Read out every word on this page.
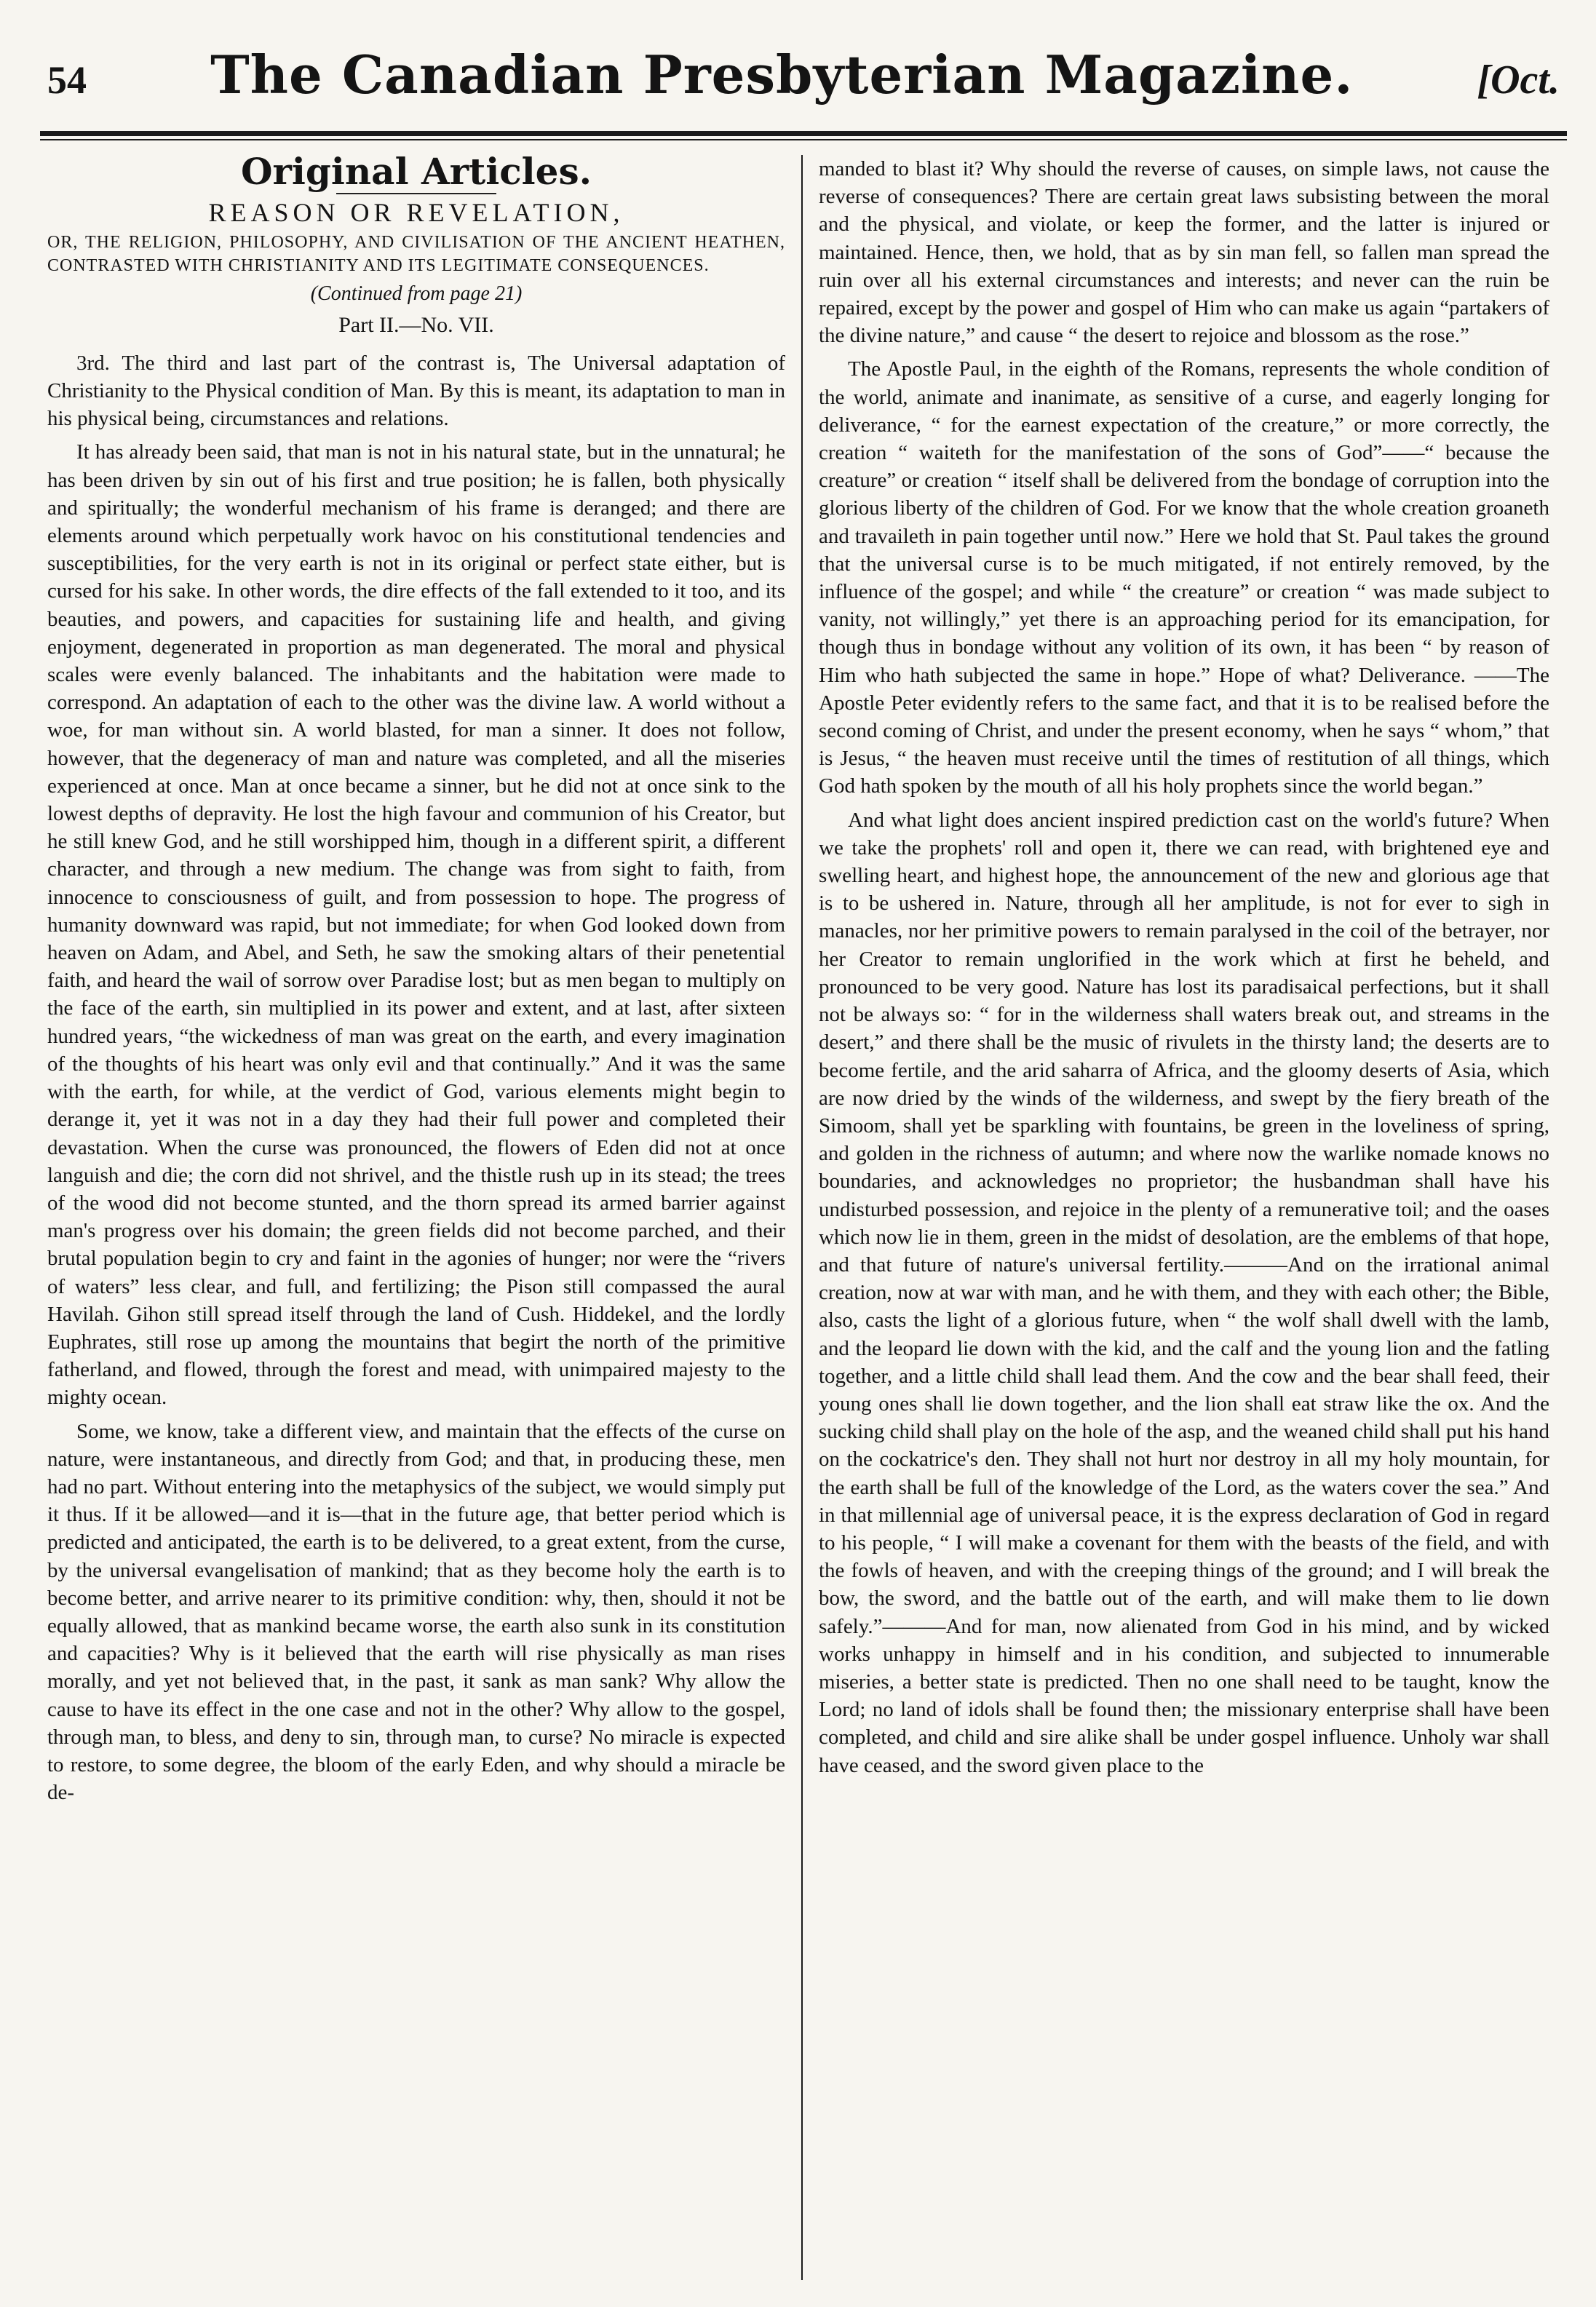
54 The Canadian Presbyterian Magazine.	[Oct.
Original Articles.
REASON OR REVELATION,
OR, THE RELIGION, PHILOSOPHY, AND CIVILISATION OF THE ANCIENT HEATHEN, CONTRASTED WITH CHRISTIANITY AND ITS LEGITIMATE CONSEQUENCES.
(Continued from page 21)
Part II.—No. VII.

3rd. The third and last part of the contrast is, The Universal adaptation of Christianity to the Physical condition of Man. By this is meant, its adaptation to man in his physical being, circumstances and relations.

It has already been said, that man is not in his natural state, but in the unnatural; he has been driven by sin out of his first and true position; he is fallen, both physically and spiritually; the wonderful mechanism of his frame is deranged; and there are elements around which perpetually work havoc on his constitutional tendencies and susceptibilities, for the very earth is not in its original or perfect state either, but is cursed for his sake. In other words, the dire effects of the fall extended to it too, and its beauties, and powers, and capacities for sustaining life and health, and giving enjoyment, degenerated in proportion as man degenerated. The moral and physical scales were evenly balanced. The inhabitants and the habitation were made to correspond. An adaptation of each to the other was the divine law. A world without a woe, for man without sin. A world blasted, for man a sinner. It does not follow, however, that the degeneracy of man and nature was completed, and all the miseries experienced at once. Man at once became a sinner, but he did not at once sink to the lowest depths of depravity. He lost the high favour and communion of his Creator, but he still knew God, and he still worshipped him, though in a different spirit, a different character, and through a new medium. The change was from sight to faith, from innocence to consciousness of guilt, and from possession to hope. The progress of humanity downward was rapid, but not immediate; for when God looked down from heaven on Adam, and Abel, and Seth, he saw the smoking altars of their penetential faith, and heard the wail of sorrow over Paradise lost; but as men began to multiply on the face of the earth, sin multiplied in its power and extent, and at last, after sixteen hundred years, “the wickedness of man was great on the earth, and every imagination of the thoughts of his heart was only evil and that continually.” And it was the same with the earth, for while, at the verdict of God, various elements might begin to derange it, yet it was not in a day they had their full power and completed their devastation. When the curse was pronounced, the flowers of Eden did not at once languish and die; the corn did not shrivel, and the thistle rush up in its stead; the trees of the wood did not become stunted, and the thorn spread its armed barrier against man's progress over his domain; the green fields did not become parched, and their brutal population begin to cry and faint in the agonies of hunger; nor were the “rivers of waters” less clear, and full, and fertilizing; the Pison still compassed the aural Havilah. Gihon still spread itself through the land of Cush. Hiddekel, and the lordly Euphrates, still rose up among the mountains that begirt the north of the primitive fatherland, and flowed, through the forest and mead, with unimpaired majesty to the mighty ocean.

Some, we know, take a different view, and maintain that the effects of the curse on nature, were instantaneous, and directly from God; and that, in producing these, men had no part. Without entering into the metaphysics of the subject, we would simply put it thus. If it be allowed—and it is—that in the future age, that better period which is predicted and anticipated, the earth is to be delivered, to a great extent, from the curse, by the universal evangelisation of mankind; that as they become holy the earth is to become better, and arrive nearer to its primitive condition: why, then, should it not be equally allowed, that as mankind became worse, the earth also sunk in its constitution and capacities? Why is it believed that the earth will rise physically as man rises morally, and yet not believed that, in the past, it sank as man sank? Why allow the cause to have its effect in the one case and not in the other? Why allow to the gospel, through man, to bless, and deny to sin, through man, to curse? No miracle is expected to restore, to some degree, the bloom of the early Eden, and why should a miracle be de-

manded to blast it? Why should the reverse of causes, on simple laws, not cause the reverse of consequences? There are certain great laws subsisting between the moral and the physical, and violate, or keep the former, and the latter is injured or maintained. Hence, then, we hold, that as by sin man fell, so fallen man spread the ruin over all his external circumstances and interests; and never can the ruin be repaired, except by the power and gospel of Him who can make us again “partakers of the divine nature,” and cause “ the desert to rejoice and blossom as the rose.”

The Apostle Paul, in the eighth of the Romans, represents the whole condition of the world, animate and inanimate, as sensitive of a curse, and eagerly longing for deliverance, “ for the earnest expectation of the creature,” or more correctly, the creation “ waiteth for the manifestation of the sons of God”——“ because the creature” or creation “ itself shall be delivered from the bondage of corruption into the glorious liberty of the children of God. For we know that the whole creation groaneth and travaileth in pain together until now.” Here we hold that St. Paul takes the ground that the universal curse is to be much mitigated, if not entirely removed, by the influence of the gospel; and while “ the creature” or creation “ was made subject to vanity, not willingly,” yet there is an approaching period for its emancipation, for though thus in bondage without any volition of its own, it has been “ by reason of Him who hath subjected the same in hope.” Hope of what? Deliverance. ——The Apostle Peter evidently refers to the same fact, and that it is to be realised before the second coming of Christ, and under the present economy, when he says “ whom,” that is Jesus, “ the heaven must receive until the times of restitution of all things, which God hath spoken by the mouth of all his holy prophets since the world began.”

And what light does ancient inspired prediction cast on the world's future? When we take the prophets' roll and open it, there we can read, with brightened eye and swelling heart, and highest hope, the announcement of the new and glorious age that is to be ushered in. Nature, through all her amplitude, is not for ever to sigh in manacles, nor her primitive powers to remain paralysed in the coil of the betrayer, nor her Creator to remain unglorified in the work which at first he beheld, and pronounced to be very good. Nature has lost its paradisaical perfections, but it shall not be always so: “ for in the wilderness shall waters break out, and streams in the desert,” and there shall be the music of rivulets in the thirsty land; the deserts are to become fertile, and the arid saharra of Africa, and the gloomy deserts of Asia, which are now dried by the winds of the wilderness, and swept by the fiery breath of the Simoom, shall yet be sparkling with fountains, be green in the loveliness of spring, and golden in the richness of autumn; and where now the warlike nomade knows no boundaries, and acknowledges no proprietor; the husbandman shall have his undisturbed possession, and rejoice in the plenty of a remunerative toil; and the oases which now lie in them, green in the midst of desolation, are the emblems of that hope, and that future of nature's universal fertility.———And on the irrational animal creation, now at war with man, and he with them, and they with each other; the Bible, also, casts the light of a glorious future, when “ the wolf shall dwell with the lamb, and the leopard lie down with the kid, and the calf and the young lion and the fatling together, and a little child shall lead them. And the cow and the bear shall feed, their young ones shall lie down together, and the lion shall eat straw like the ox. And the sucking child shall play on the hole of the asp, and the weaned child shall put his hand on the cockatrice's den. They shall not hurt nor destroy in all my holy mountain, for the earth shall be full of the knowledge of the Lord, as the waters cover the sea.” And in that millennial age of universal peace, it is the express declaration of God in regard to his people, “ I will make a covenant for them with the beasts of the field, and with the fowls of heaven, and with the creeping things of the ground; and I will break the bow, the sword, and the battle out of the earth, and will make them to lie down safely.”———And for man, now alienated from God in his mind, and by wicked works unhappy in himself and in his condition, and subjected to innumerable miseries, a better state is predicted. Then no one shall need to be taught, know the Lord; no land of idols shall be found then; the missionary enterprise shall have been completed, and child and sire alike shall be under gospel influence. Unholy war shall have ceased, and the sword given place to the
